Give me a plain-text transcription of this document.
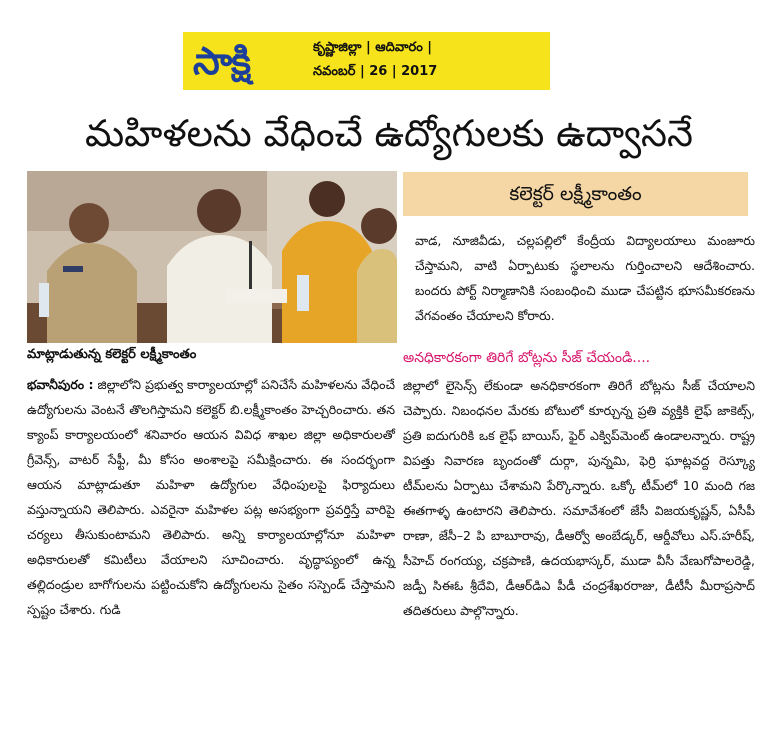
సాక్షి	కృష్ణాజిల్లా | ఆదివారం |
నవంబర్ | 26 | 2017
మహిళలను వేధించే ఉద్యోగులకు ఉద్వాసనే
మాట్లాడుతున్న కలెక్టర్ లక్ష్మీకాంతం
కలెక్టర్ లక్ష్మీకాంతం

వాడ, నూజివీడు, చల్లపల్లిలో కేంద్రీయ విద్యాలయాలు మంజూరు చేస్తామని, వాటి ఏర్పాటుకు స్థలాలను గుర్తించాలని ఆదేశించారు. బందరు పోర్ట్ నిర్మాణానికి సంబంధించి ముడా చేపట్టిన భూసమీకరణను వేగవంతం చేయాలని కోరారు.

అనధికారకంగా తిరిగే బోట్లను సీజ్ చేయండి....

భవానీపురం : జిల్లాలోని ప్రభుత్వ కార్యాలయాల్లో పనిచేసే మహిళలను వేధించే ఉద్యోగులను వెంటనే తొలగిస్తామని కలెక్టర్ బి.లక్ష్మీకాంతం హెచ్చరించారు. తన క్యాంప్ కార్యాలయంలో శనివారం ఆయన వివిధ శాఖల జిల్లా అధికారులతో గ్రీవెన్స్, వాటర్ సేఫ్టీ, మీ కోసం అంశాలపై సమీక్షించారు. ఈ సందర్భంగా ఆయన మాట్లాడుతూ మహిళా ఉద్యోగుల వేధింపులపై ఫిర్యాదులు వస్తున్నాయని తెలిపారు. ఎవరైనా మహిళల పట్ల అసభ్యంగా ప్రవర్తిస్తే వారిపై చర్యలు తీసుకుంటామని తెలిపారు. అన్ని కార్యాలయాల్లోనూ మహిళా అధికారులతో కమిటీలు వేయాలని సూచించారు. వృద్ధాప్యంలో ఉన్న తల్లిదండ్రుల బాగోగులను పట్టించుకోని ఉద్యోగులను సైతం సస్పెండ్ చేస్తామని స్పష్టం చేశారు. గుడి

జిల్లాలో లైసెన్స్ లేకుండా అనధికారకంగా తిరిగే బోట్లను సీజ్ చేయాలని చెప్పారు. నిబంధనల మేరకు బోటులో కూర్చున్న ప్రతి వ్యక్తికి లైఫ్ జాకెట్స్, ప్రతి ఐదుగురికి ఒక లైఫ్ బాయిస్, ఫైర్ ఎక్విప్‌మెంట్ ఉండాలన్నారు. రాష్ట్ర విపత్తు నివారణ బృందంతో దుర్గా, పున్నమి, ఫెర్రి ఘాట్లవద్ద రెస్క్యూ టీమ్‌లను ఏర్పాటు చేశామని పేర్కొన్నారు. ఒక్కో టీమ్‌లో 10 మంది గజ ఈతగాళ్ళ ఉంటారని తెలిపారు. సమావేశంలో జేసీ విజయకృష్ణన్, ఏసీపీ రాణా, జేసీ–2 పి బాబూరావు, డీఆర్వో అంబేడ్కర్, ఆర్డీవోలు ఎస్.హరీష్, సీహెచ్ రంగయ్య, చక్రపాణి, ఉదయభాస్కర్, ముడా వీసీ వేణుగోపాలరెడ్డి, జడ్పీ సిఈఓ శ్రీదేవి, డీఆర్‌డిఎ పీడీ చంద్రశేఖరరాజు, డీటీసీ మీరాప్రసాద్ తదితరులు పాల్గొన్నారు.
